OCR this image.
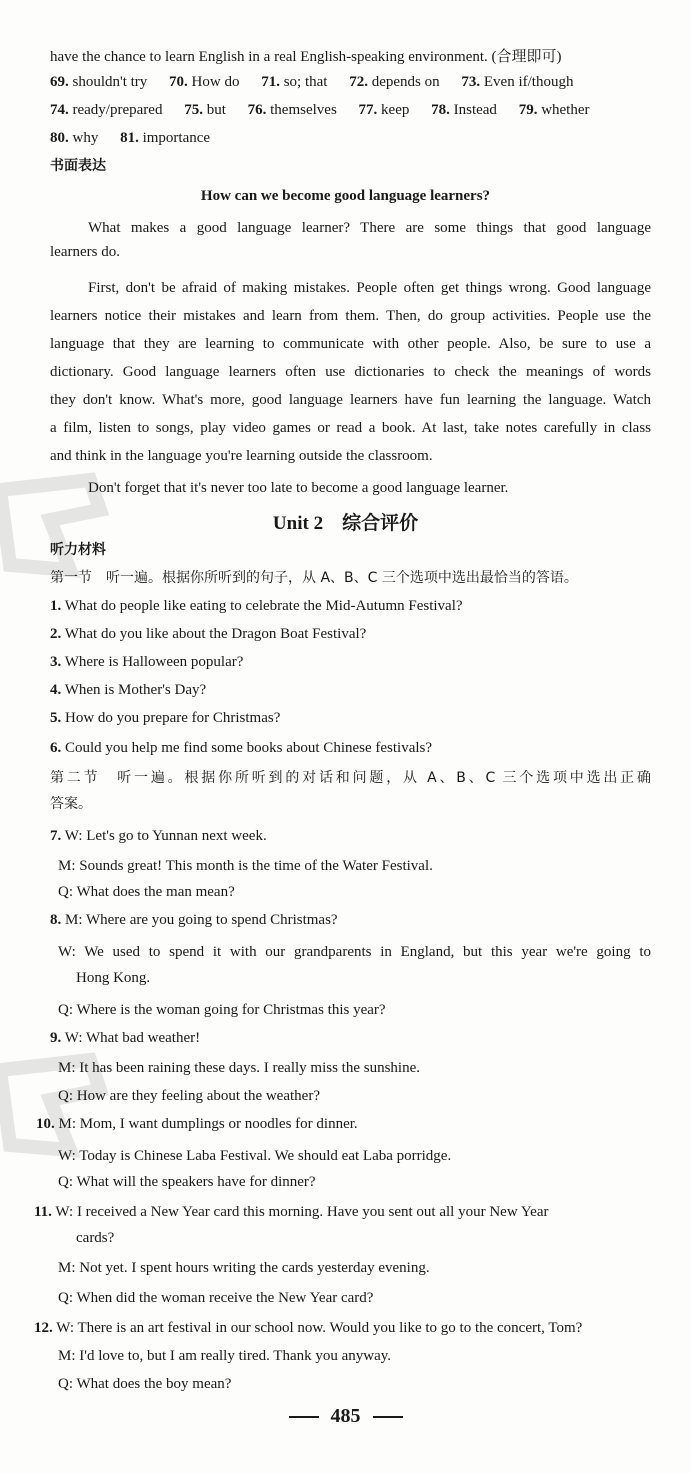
have the chance to learn English in a real English-speaking environment. (合理即可)
69. shouldn't try 70. How do 71. so; that 72. depends on 73. Even if/though
74. ready/prepared 75. but 76. themselves 77. keep 78. Instead 79. whether
80. why 81. importance
书面表达
How can we become good language learners?
What makes a good language learner? There are some things that good language
learners do.
First, don't be afraid of making mistakes. People often get things wrong. Good language
learners notice their mistakes and learn from them. Then, do group activities. People use the
language that they are learning to communicate with other people. Also, be sure to use a
dictionary. Good language learners often use dictionaries to check the meanings of words
they don't know. What's more, good language learners have fun learning the language. Watch
a film, listen to songs, play video games or read a book. At last, take notes carefully in class
and think in the language you're learning outside the classroom.
Don't forget that it's never too late to become a good language learner.
Unit 2　综合评价
听力材料
第一节　听一遍。根据你所听到的句子，从 A、B、C 三个选项中选出最恰当的答语。
1. What do people like eating to celebrate the Mid-Autumn Festival?
2. What do you like about the Dragon Boat Festival?
3. Where is Halloween popular?
4. When is Mother's Day?
5. How do you prepare for Christmas?
6. Could you help me find some books about Chinese festivals?
第二节　听一遍。根据你所听到的对话和问题，从 A、B、C 三个选项中选出正确
答案。
7. W: Let's go to Yunnan next week.
M: Sounds great! This month is the time of the Water Festival.
Q: What does the man mean?
8. M: Where are you going to spend Christmas?
W: We used to spend it with our grandparents in England, but this year we're going to
Hong Kong.
Q: Where is the woman going for Christmas this year?
9. W: What bad weather!
M: It has been raining these days. I really miss the sunshine.
Q: How are they feeling about the weather?
10. M: Mom, I want dumplings or noodles for dinner.
W: Today is Chinese Laba Festival. We should eat Laba porridge.
Q: What will the speakers have for dinner?
11. W: I received a New Year card this morning. Have you sent out all your New Year
cards?
M: Not yet. I spent hours writing the cards yesterday evening.
Q: When did the woman receive the New Year card?
12. W: There is an art festival in our school now. Would you like to go to the concert, Tom?
M: I'd love to, but I am really tired. Thank you anyway.
Q: What does the boy mean?
485
